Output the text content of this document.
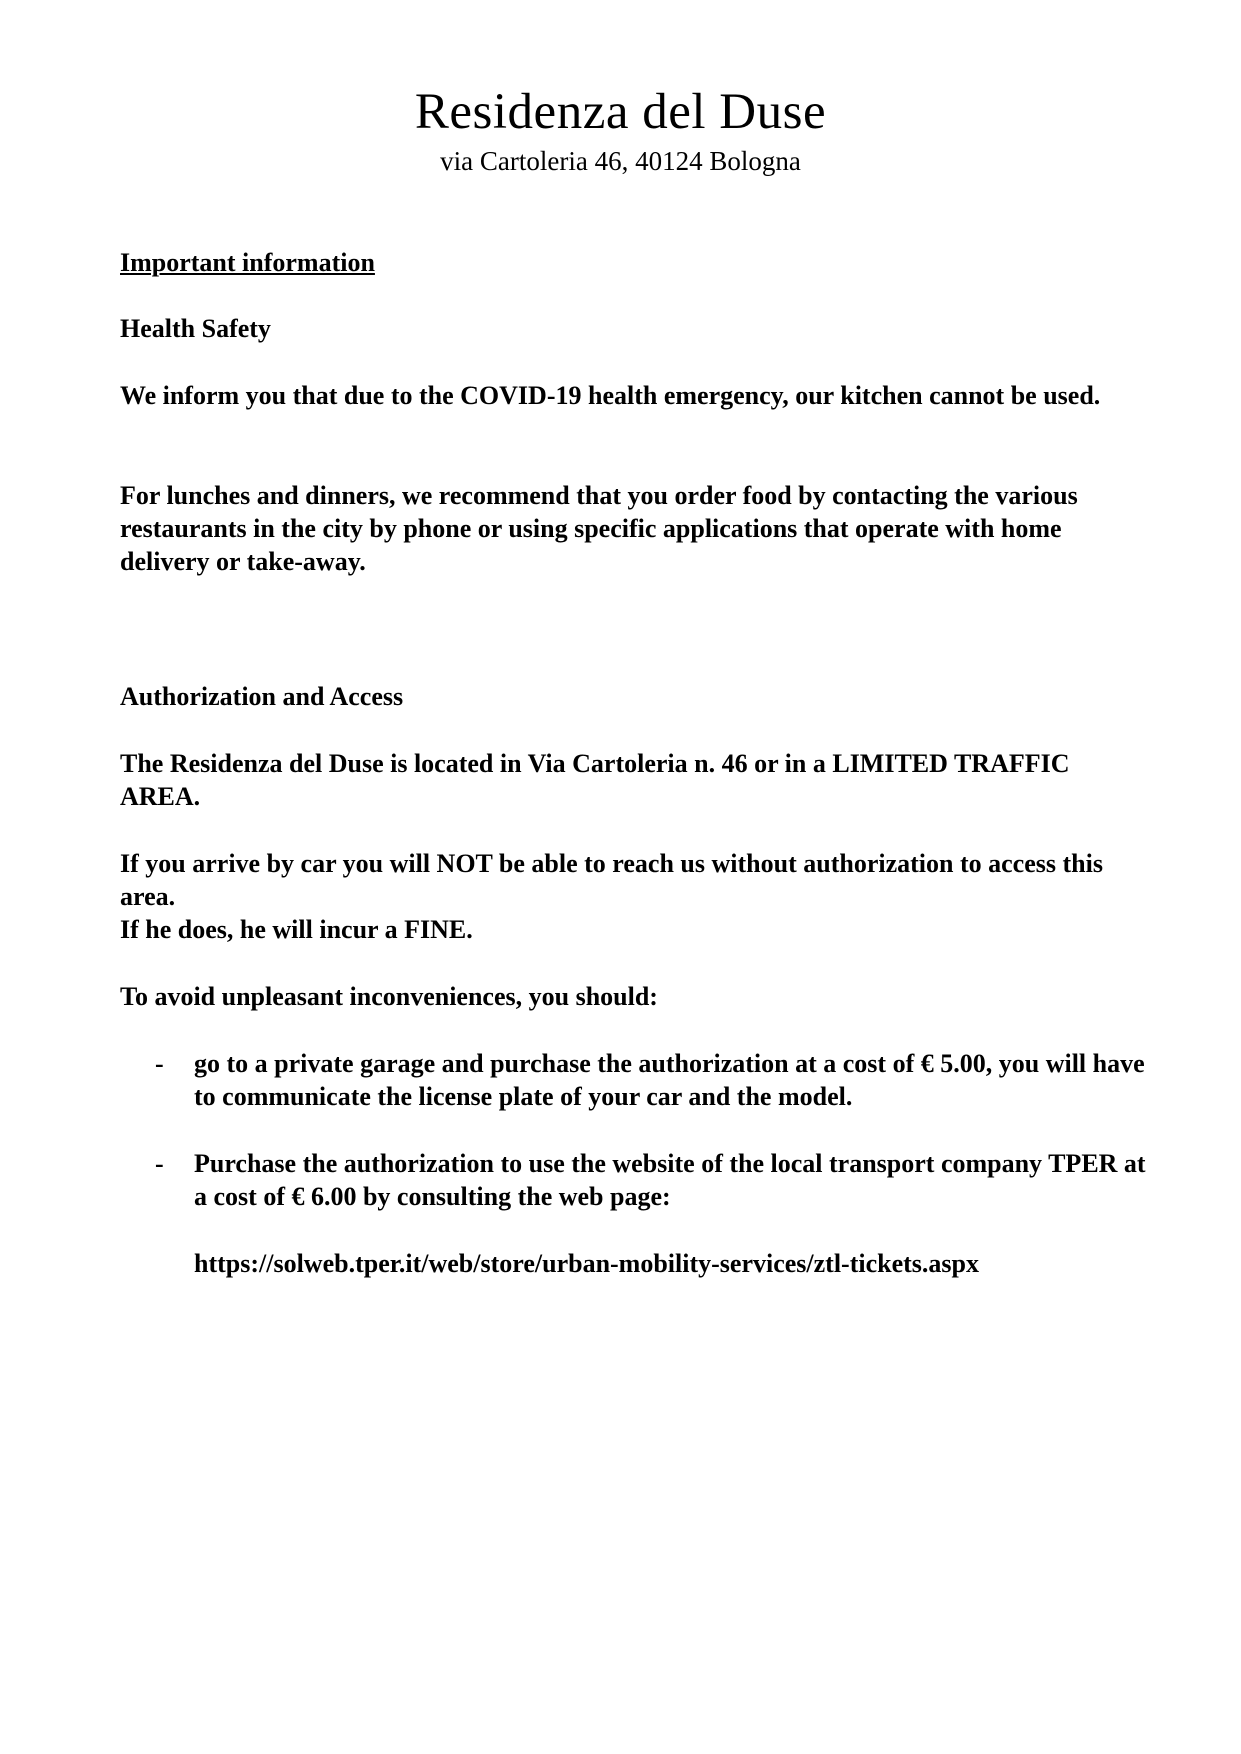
Residenza del Duse
via Cartoleria 46, 40124 Bologna
Important information
Health Safety
We inform you that due to the COVID-19 health emergency, our kitchen cannot be used.
For lunches and dinners, we recommend that you order food by contacting the various restaurants in the city by phone or using specific applications that operate with home delivery or take-away.
Authorization and Access
The Residenza del Duse is located in Via Cartoleria n. 46 or in a LIMITED TRAFFIC AREA.
If you arrive by car you will NOT be able to reach us without authorization to access this area.
If he does, he will incur a FINE.
To avoid unpleasant inconveniences, you should:
- go to a private garage and purchase the authorization at a cost of € 5.00, you will have to communicate the license plate of your car and the model.
- Purchase the authorization to use the website of the local transport company TPER at a cost of € 6.00 by consulting the web page:
https://solweb.tper.it/web/store/urban-mobility-services/ztl-tickets.aspx
